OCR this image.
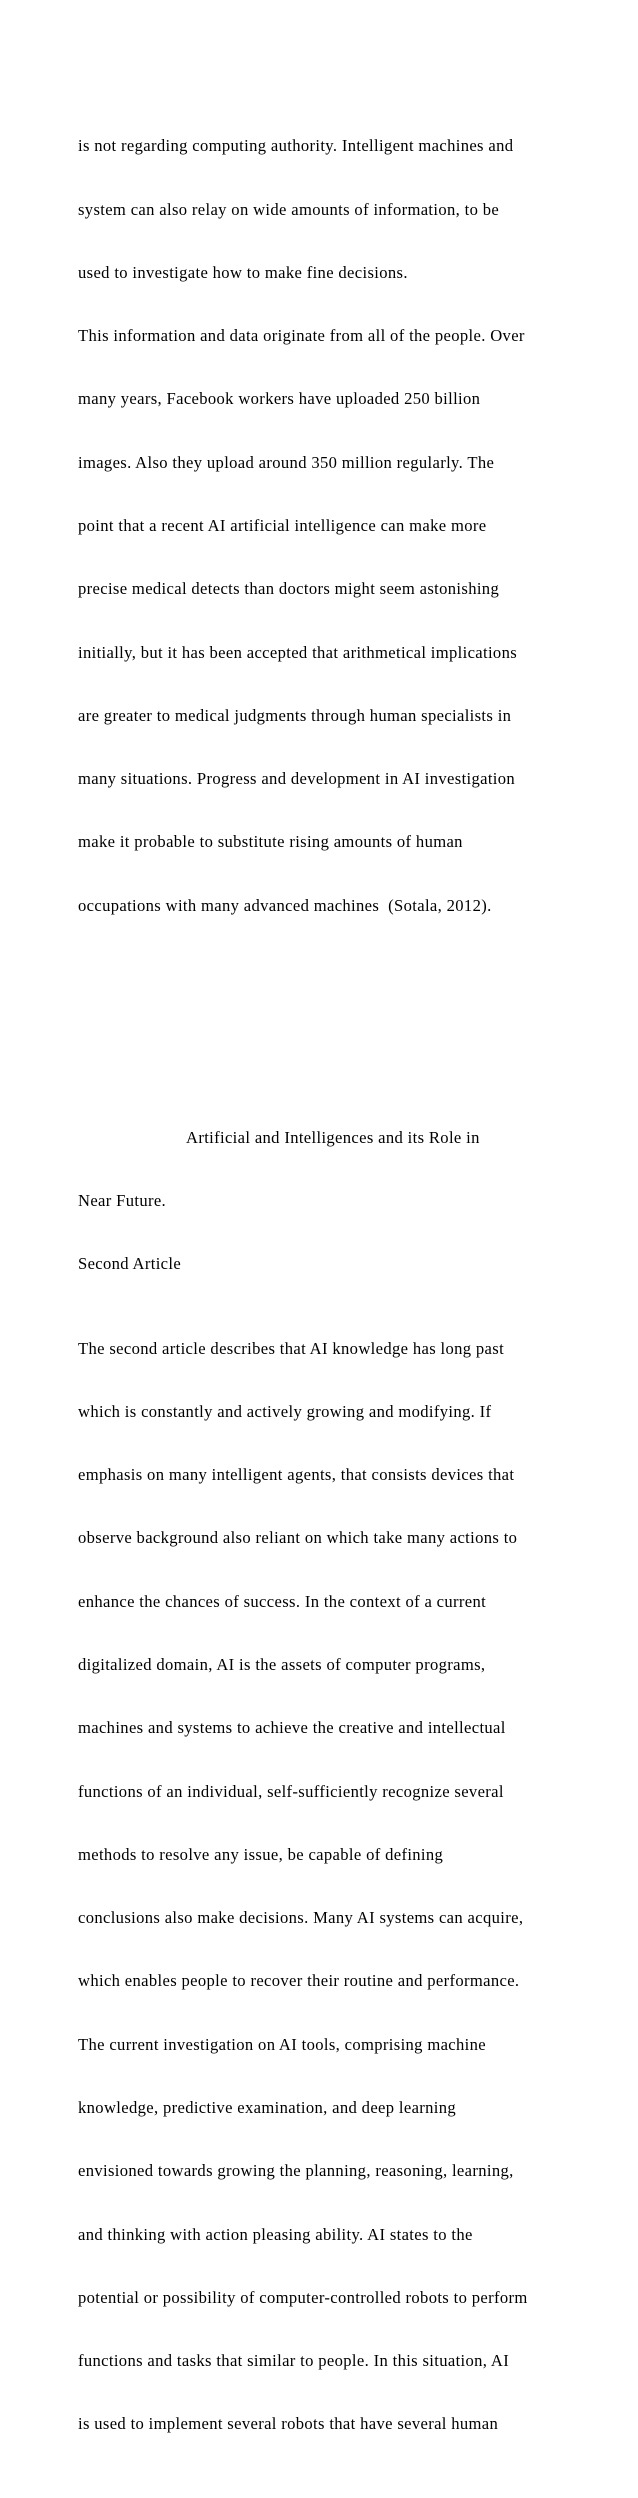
is not regarding computing authority. Intelligent machines and

system can also relay on wide amounts of information, to be

used to investigate how to make fine decisions.

This information and data originate from all of the people. Over

many years, Facebook workers have uploaded 250 billion

images. Also they upload around 350 million regularly. The

point that a recent AI artificial intelligence can make more

precise medical detects than doctors might seem astonishing

initially, but it has been accepted that arithmetical implications

are greater to medical judgments through human specialists in

many situations. Progress and development in AI investigation

make it probable to substitute rising amounts of human

occupations with many advanced machines  (Sotala, 2012).

Artificial and Intelligences and its Role in

Near Future.

Second Article

The second article describes that AI knowledge has long past

which is constantly and actively growing and modifying. If

emphasis on many intelligent agents, that consists devices that

observe background also reliant on which take many actions to

enhance the chances of success. In the context of a current

digitalized domain, AI is the assets of computer programs,

machines and systems to achieve the creative and intellectual

functions of an individual, self-sufficiently recognize several

methods to resolve any issue, be capable of defining

conclusions also make decisions. Many AI systems can acquire,

which enables people to recover their routine and performance.

The current investigation on AI tools, comprising machine

knowledge, predictive examination, and deep learning

envisioned towards growing the planning, reasoning, learning,

and thinking with action pleasing ability. AI states to the

potential or possibility of computer-controlled robots to perform

functions and tasks that similar to people. In this situation, AI

is used to implement several robots that have several human
